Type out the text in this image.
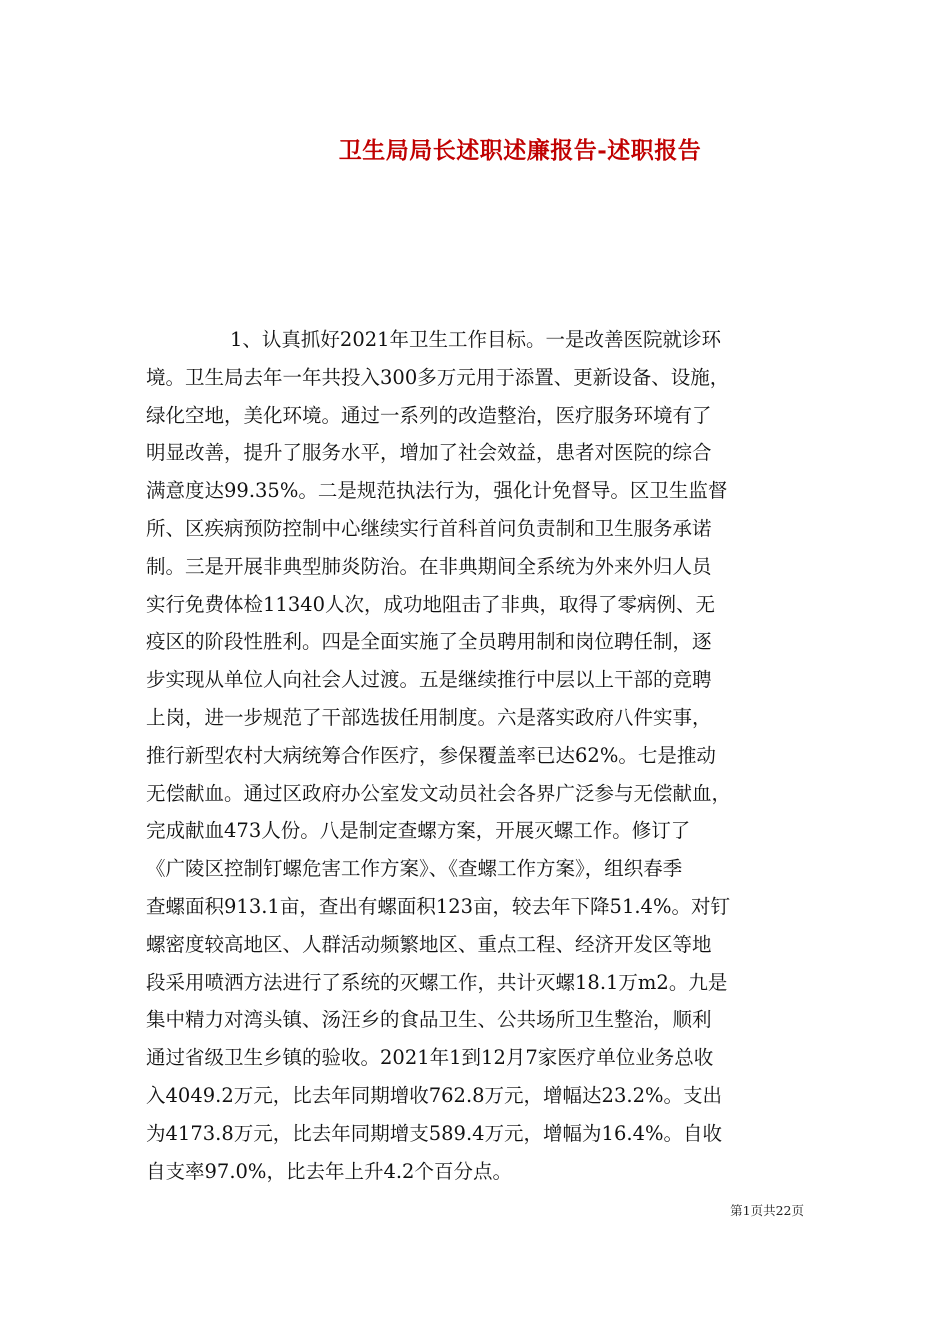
卫生局局长述职述廉报告-述职报告
1、认真抓好2021年卫生工作目标。一是改善医院就诊环
境。卫生局去年一年共投入300多万元用于添置、更新设备、设施，
绿化空地，美化环境。通过一系列的改造整治，医疗服务环境有了
明显改善，提升了服务水平，增加了社会效益，患者对医院的综合
满意度达99.35%。二是规范执法行为，强化计免督导。区卫生监督
所、区疾病预防控制中心继续实行首科首问负责制和卫生服务承诺
制。三是开展非典型肺炎防治。在非典期间全系统为外来外归人员
实行免费体检11340人次，成功地阻击了非典，取得了零病例、无
疫区的阶段性胜利。四是全面实施了全员聘用制和岗位聘任制，逐
步实现从单位人向社会人过渡。五是继续推行中层以上干部的竞聘
上岗，进一步规范了干部选拔任用制度。六是落实政府八件实事，
推行新型农村大病统筹合作医疗，参保覆盖率已达62%。七是推动
无偿献血。通过区政府办公室发文动员社会各界广泛参与无偿献血，
完成献血473人份。八是制定查螺方案，开展灭螺工作。修订了
《广陵区控制钉螺危害工作方案》、《查螺工作方案》，组织春季
查螺面积913.1亩，查出有螺面积123亩，较去年下降51.4%。对钉
螺密度较高地区、人群活动频繁地区、重点工程、经济开发区等地
段采用喷洒方法进行了系统的灭螺工作，共计灭螺18.1万m2。九是
集中精力对湾头镇、汤汪乡的食品卫生、公共场所卫生整治，顺利
通过省级卫生乡镇的验收。2021年1到12月7家医疗单位业务总收
入4049.2万元，比去年同期增收762.8万元，增幅达23.2%。支出
为4173.8万元，比去年同期增支589.4万元，增幅为16.4%。自收
自支率97.0%，比去年上升4.2个百分点。
第1页共22页
